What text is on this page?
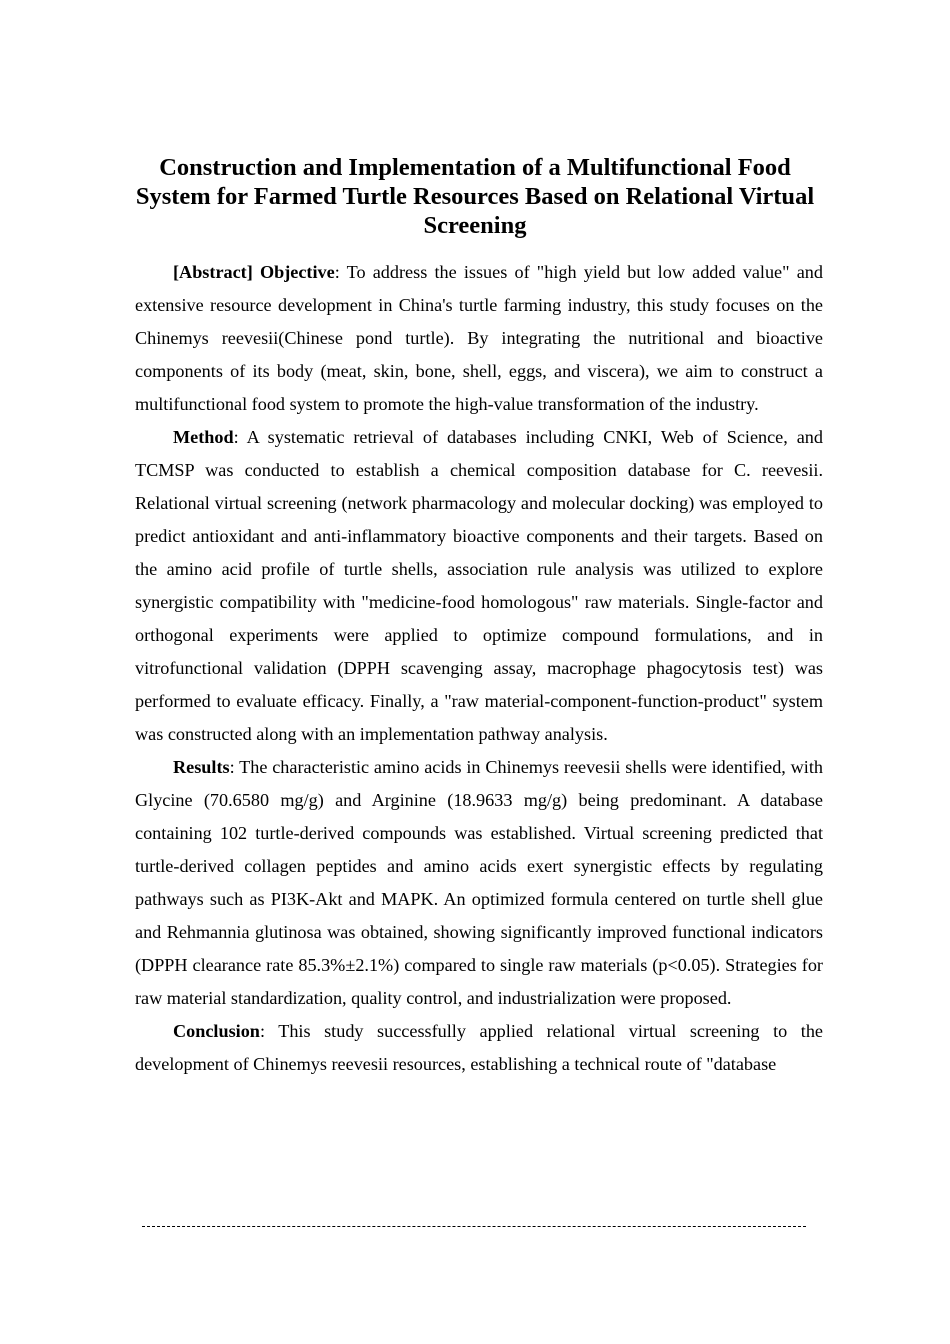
Construction and Implementation of a Multifunctional Food System for Farmed Turtle Resources Based on Relational Virtual Screening

[Abstract] Objective: To address the issues of "high yield but low added value" and extensive resource development in China's turtle farming industry, this study focuses on the Chinemys reevesii(Chinese pond turtle). By integrating the nutritional and bioactive components of its body (meat, skin, bone, shell, eggs, and viscera), we aim to construct a multifunctional food system to promote the high-value transformation of the industry.

Method: A systematic retrieval of databases including CNKI, Web of Science, and TCMSP was conducted to establish a chemical composition database for C. reevesii. Relational virtual screening (network pharmacology and molecular docking) was employed to predict antioxidant and anti-inflammatory bioactive components and their targets. Based on the amino acid profile of turtle shells, association rule analysis was utilized to explore synergistic compatibility with "medicine-food homologous" raw materials. Single-factor and orthogonal experiments were applied to optimize compound formulations, and in vitrofunctional validation (DPPH scavenging assay, macrophage phagocytosis test) was performed to evaluate efficacy. Finally, a "raw material-component-function-product" system was constructed along with an implementation pathway analysis.

Results: The characteristic amino acids in Chinemys reevesii shells were identified, with Glycine (70.6580 mg/g) and Arginine (18.9633 mg/g) being predominant. A database containing 102 turtle-derived compounds was established. Virtual screening predicted that turtle-derived collagen peptides and amino acids exert synergistic effects by regulating pathways such as PI3K-Akt and MAPK. An optimized formula centered on turtle shell glue and Rehmannia glutinosa was obtained, showing significantly improved functional indicators (DPPH clearance rate 85.3%±2.1%) compared to single raw materials (p<0.05). Strategies for raw material standardization, quality control, and industrialization were proposed.

Conclusion: This study successfully applied relational virtual screening to the development of Chinemys reevesii resources, establishing a technical route of "database
